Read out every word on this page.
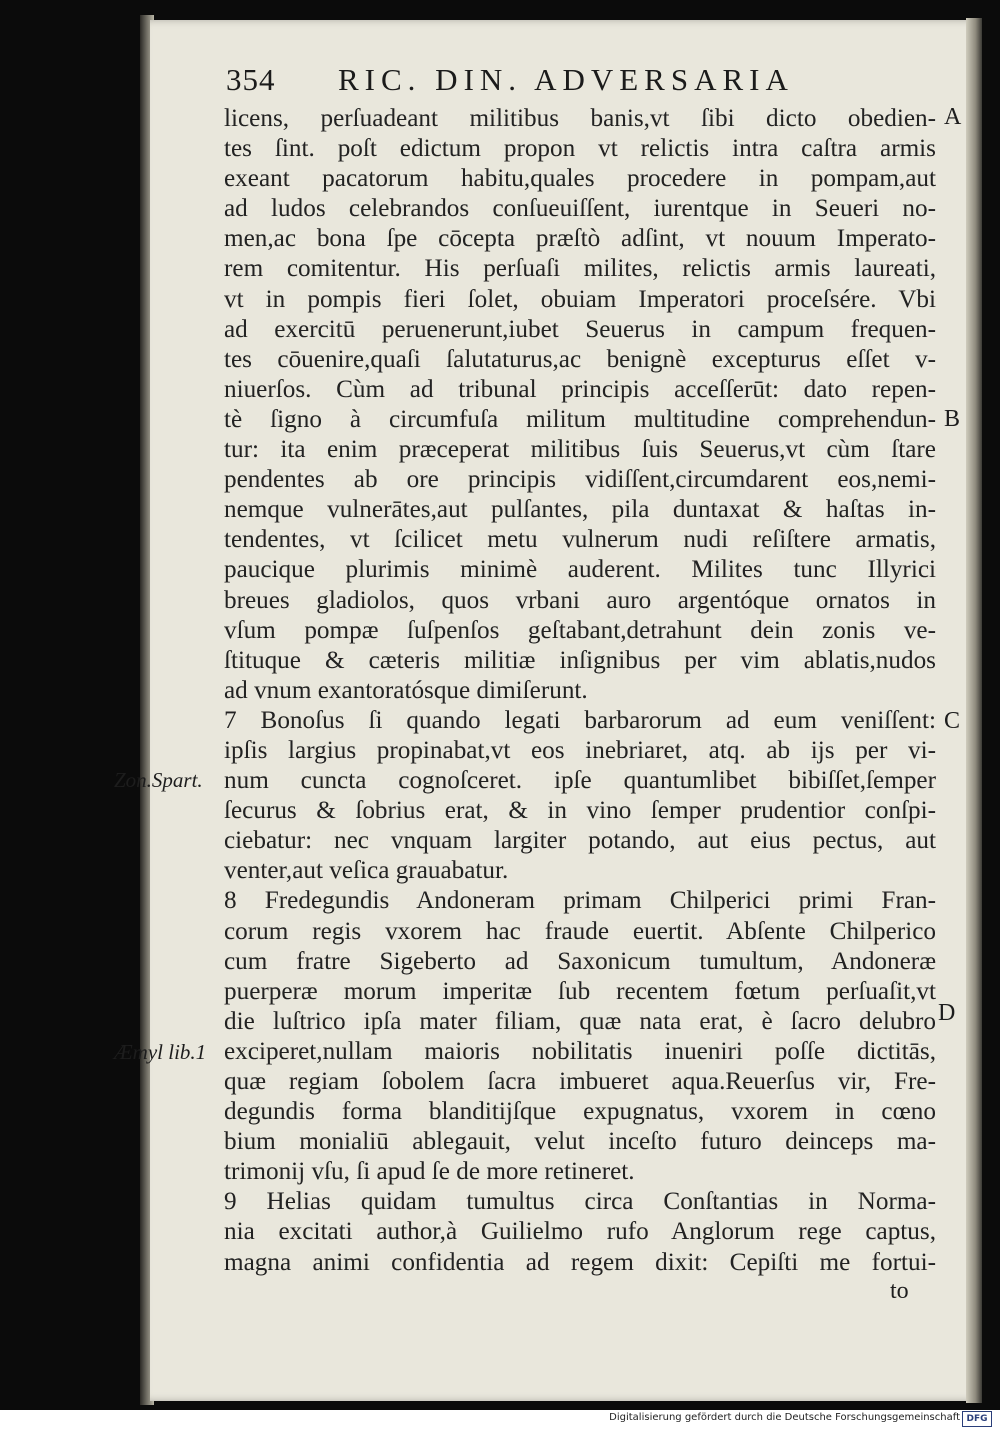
354 RIC. DIN. ADVERSARIA
licens, perſuadeant militibus banis,vt ſibi dicto obedien-
tes ſint. poſt edictum propon vt relictis intra caſtra armis
exeant pacatorum habitu,quales procedere in pompam,aut
ad ludos celebrandos conſueuiſſent, iurentque in Seueri no-
men,ac bona ſpe cōcepta præſtò adſint, vt nouum Imperato-
rem comitentur. His perſuaſi milites, relictis armis laureati,
vt in pompis fieri ſolet, obuiam Imperatori proceſsére. Vbi
ad exercitū peruenerunt,iubet Seuerus in campum frequen-
tes cōuenire,quaſi ſalutaturus,ac benignè excepturus eſſet v-
niuerſos. Cùm ad tribunal principis acceſſerūt: dato repen-
tè ſigno à circumfuſa militum multitudine comprehendun-
tur: ita enim præceperat militibus ſuis Seuerus,vt cùm ſtare
pendentes ab ore principis vidiſſent,circumdarent eos,nemi-
nemque vulnerātes,aut pulſantes, pila duntaxat & haſtas in-
tendentes, vt ſcilicet metu vulnerum nudi reſiſtere armatis,
paucique plurimis minimè auderent. Milites tunc Illyrici
breues gladiolos, quos vrbani auro argentóque ornatos in
vſum pompæ ſuſpenſos geſtabant,detrahunt dein zonis ve-
ſtituque & cæteris militiæ inſignibus per vim ablatis,nudos
ad vnum exantoratósque dimiſerunt.
7 Bonoſus ſi quando legati barbarorum ad eum veniſſent:
ipſis largius propinabat,vt eos inebriaret, atq. ab ijs per vi-
num cuncta cognoſceret. ipſe quantumlibet bibiſſet,ſemper
ſecurus & ſobrius erat, & in vino ſemper prudentior conſpi-
ciebatur: nec vnquam largiter potando, aut eius pectus, aut
venter,aut veſica grauabatur.
8 Fredegundis Andoneram primam Chilperici primi Fran-
corum regis vxorem hac fraude euertit. Abſente Chilperico
cum fratre Sigeberto ad Saxonicum tumultum, Andoneræ
puerperæ morum imperitæ ſub recentem fœtum perſuaſit,vt
die luſtrico ipſa mater filiam, quæ nata erat, è ſacro delubro
exciperet,nullam maioris nobilitatis inueniri poſſe dictitās,
quæ regiam ſobolem ſacra imbueret aqua.Reuerſus vir, Fre-
degundis forma blanditijſque expugnatus, vxorem in cœno
bium monialiū ablegauit, velut inceſto futuro deinceps ma-
trimonij vſu, ſi apud ſe de more retineret.
9 Helias quidam tumultus circa Conſtantias in Norma-
nia excitati author,à Guilielmo rufo Anglorum rege captus,
magna animi confidentia ad regem dixit: Cepiſti me fortui-
A
B
C
D
Zon.Spart.
Æmyl lib.1
to
Digitalisierung gefördert durch die Deutsche Forschungsgemeinschaft DFG
